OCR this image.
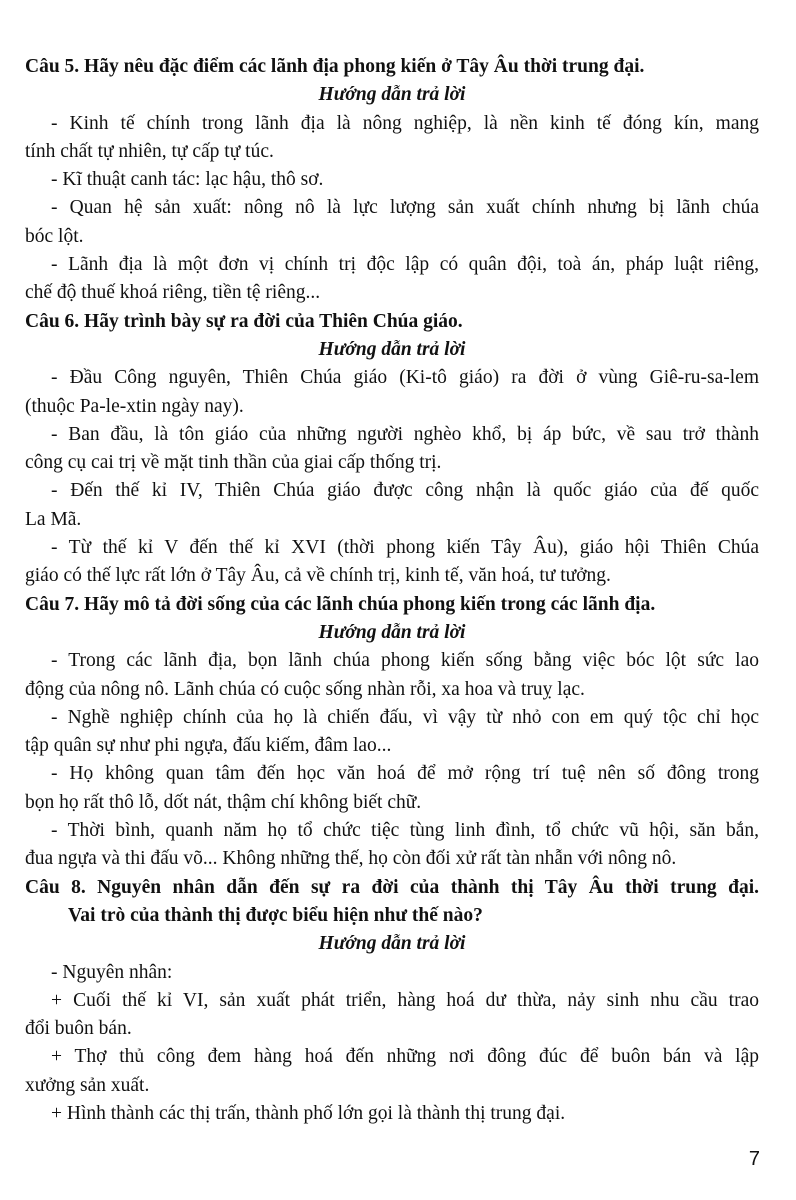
Câu 5. Hãy nêu đặc điểm các lãnh địa phong kiến ở Tây Âu thời trung đại.
Hướng dẫn trả lời
- Kinh tế chính trong lãnh địa là nông nghiệp, là nền kinh tế đóng kín, mang
tính chất tự nhiên, tự cấp tự túc.
- Kĩ thuật canh tác: lạc hậu, thô sơ.
- Quan hệ sản xuất: nông nô là lực lượng sản xuất chính nhưng bị lãnh chúa
bóc lột.
- Lãnh địa là một đơn vị chính trị độc lập có quân đội, toà án, pháp luật riêng,
chế độ thuế khoá riêng, tiền tệ riêng...
Câu 6. Hãy trình bày sự ra đời của Thiên Chúa giáo.
Hướng dẫn trả lời
- Đầu Công nguyên, Thiên Chúa giáo (Ki-tô giáo) ra đời ở vùng Giê-ru-sa-lem
(thuộc Pa-le-xtin ngày nay).
- Ban đầu, là tôn giáo của những người nghèo khổ, bị áp bức, về sau trở thành
công cụ cai trị về mặt tinh thần của giai cấp thống trị.
- Đến thế kỉ IV, Thiên Chúa giáo được công nhận là quốc giáo của đế quốc
La Mã.
- Từ thế kỉ V đến thế kỉ XVI (thời phong kiến Tây Âu), giáo hội Thiên Chúa
giáo có thế lực rất lớn ở Tây Âu, cả về chính trị, kinh tế, văn hoá, tư tưởng.
Câu 7. Hãy mô tả đời sống của các lãnh chúa phong kiến trong các lãnh địa.
Hướng dẫn trả lời
- Trong các lãnh địa, bọn lãnh chúa phong kiến sống bằng việc bóc lột sức lao
động của nông nô. Lãnh chúa có cuộc sống nhàn rỗi, xa hoa và truỵ lạc.
- Nghề nghiệp chính của họ là chiến đấu, vì vậy từ nhỏ con em quý tộc chỉ học
tập quân sự như phi ngựa, đấu kiếm, đâm lao...
- Họ không quan tâm đến học văn hoá để mở rộng trí tuệ nên số đông trong
bọn họ rất thô lỗ, dốt nát, thậm chí không biết chữ.
- Thời bình, quanh năm họ tổ chức tiệc tùng linh đình, tổ chức vũ hội, săn bắn,
đua ngựa và thi đấu võ... Không những thế, họ còn đối xử rất tàn nhẫn với nông nô.
Câu 8. Nguyên nhân dẫn đến sự ra đời của thành thị Tây Âu thời trung đại.
Vai trò của thành thị được biểu hiện như thế nào?
Hướng dẫn trả lời
- Nguyên nhân:
+ Cuối thế kỉ VI, sản xuất phát triển, hàng hoá dư thừa, nảy sinh nhu cầu trao
đổi buôn bán.
+ Thợ thủ công đem hàng hoá đến những nơi đông đúc để buôn bán và lập
xưởng sản xuất.
+ Hình thành các thị trấn, thành phố lớn gọi là thành thị trung đại.
7
